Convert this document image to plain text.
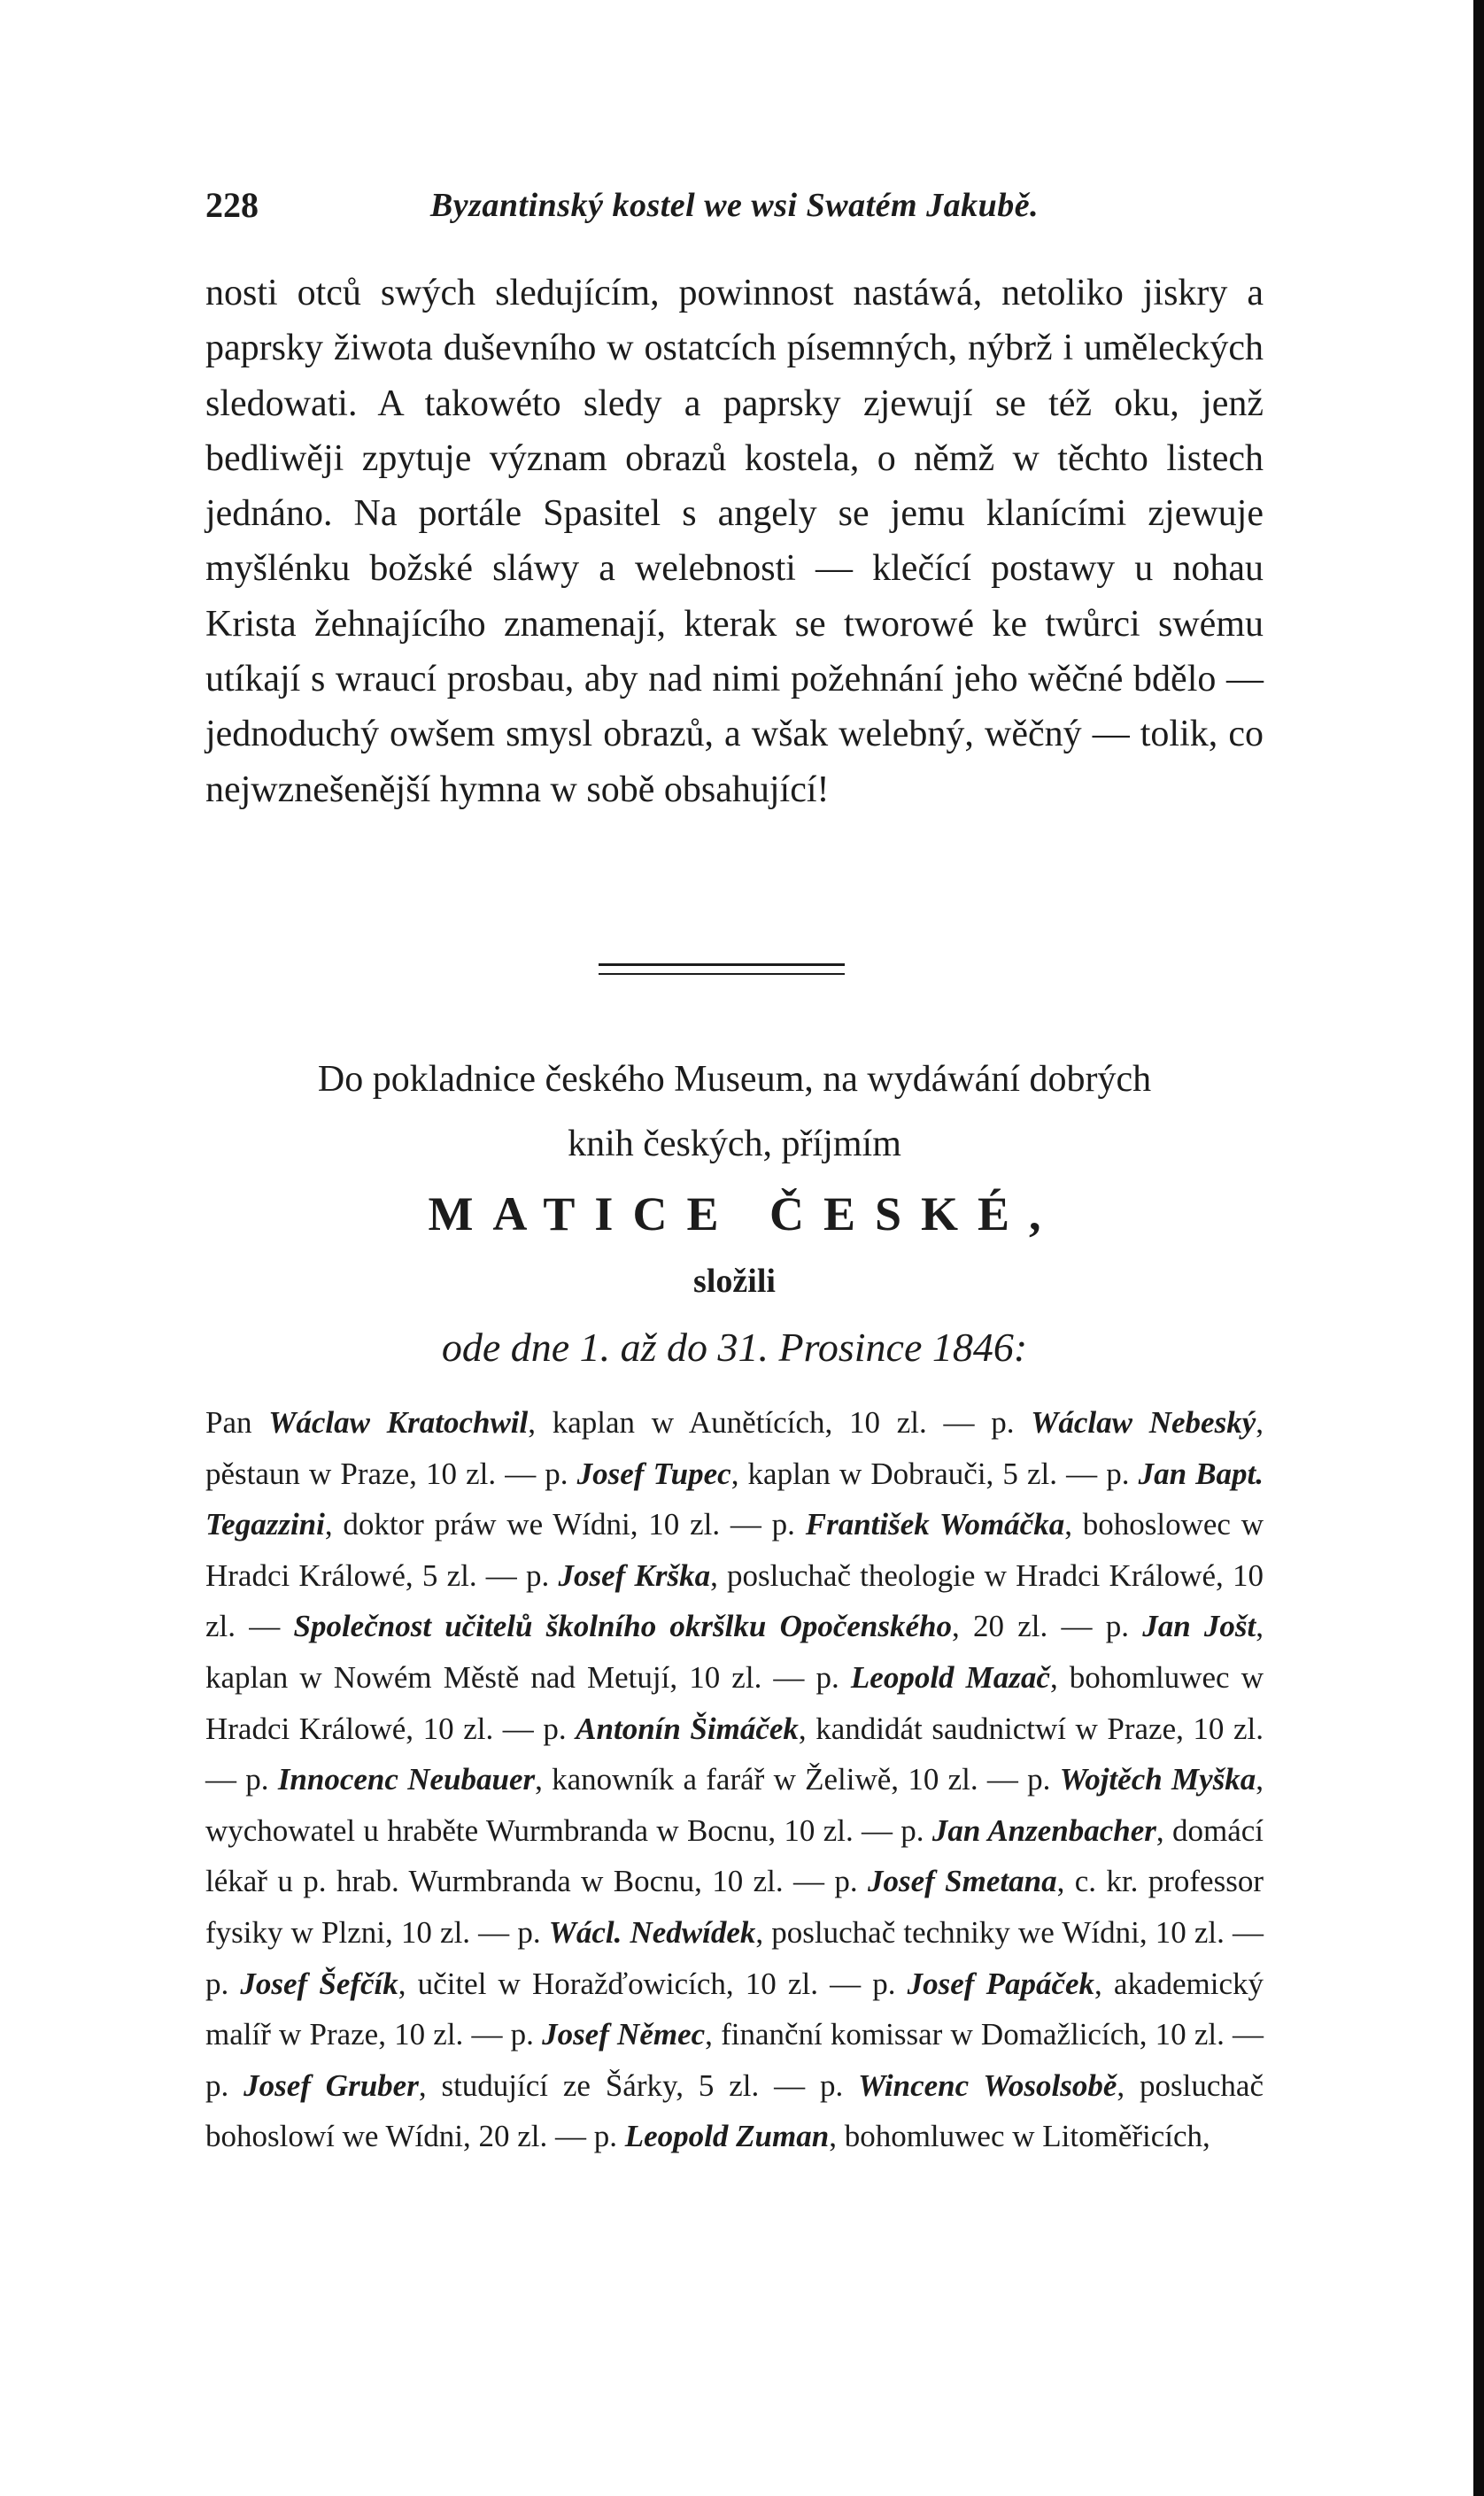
228	Byzantinský kostel we wsi Swatém Jakubě.

nosti otců swých sledujícím, powinnost nastáwá, netoliko jiskry a paprsky žiwota duševního w ostatcích písemných, nýbrž i uměleckých sledowati. A takowéto sledy a paprsky zjewují se též oku, jenž bedliwěji zpytuje význam obrazů kostela, o němž w těchto listech jednáno. Na portále Spasitel s angely se jemu klanícími zjewuje myšlénku božské sláwy a welebnosti — klečící postawy u nohau Krista žehnajícího znamenají, kterak se tworowé ke twůrci swému utíkají s wraucí prosbau, aby nad nimi požehnání jeho wěčné bdělo — jednoduchý owšem smysl obrazů, a wšak welebný, wěčný — tolik, co nejwznešenější hymna w sobě obsahující!

Do pokladnice českého Museum, na wydáwání dobrých

knih českých, příjmím

MATICE ČESKÉ,

složili

ode dne 1. až do 31. Prosince 1846:

Pan Wáclaw Kratochwil, kaplan w Aunětících, 10 zl. — p. Wáclaw Nebeský, pěstaun w Praze, 10 zl. — p. Josef Tupec, kaplan w Dobrauči, 5 zl. — p. Jan Bapt. Tegazzini, doktor práw we Wídni, 10 zl. — p. František Womáčka, bohoslowec w Hradci Králowé, 5 zl. — p. Josef Krška, posluchač theologie w Hradci Králowé, 10 zl. — Společnost učitelů školního okršlku Opočenského, 20 zl. — p. Jan Jošt, kaplan w Nowém Městě nad Metují, 10 zl. — p. Leopold Mazač, bohomluwec w Hradci Králowé, 10 zl. — p. Antonín Šimáček, kandidát saudnictwí w Praze, 10 zl. — p. Innocenc Neubauer, kanowník a farář w Želiwě, 10 zl. — p. Wojtěch Myška, wychowatel u hraběte Wurmbranda w Bocnu, 10 zl. — p. Jan Anzenbacher, domácí lékař u p. hrab. Wurmbranda w Bocnu, 10 zl. — p. Josef Smetana, c. kr. professor fysiky w Plzni, 10 zl. — p. Wácl. Nedwídek, posluchač techniky we Wídni, 10 zl. — p. Josef Šefčík, učitel w Horažďowicích, 10 zl. — p. Josef Papáček, akademický malíř w Praze, 10 zl. — p. Josef Němec, finanční komissar w Domažlicích, 10 zl. — p. Josef Gruber, studující ze Šárky, 5 zl. — p. Wincenc Wosolsobě, posluchač bohoslowí we Wídni, 20 zl. — p. Leopold Zuman, bohomluwec w Litoměřicích,
